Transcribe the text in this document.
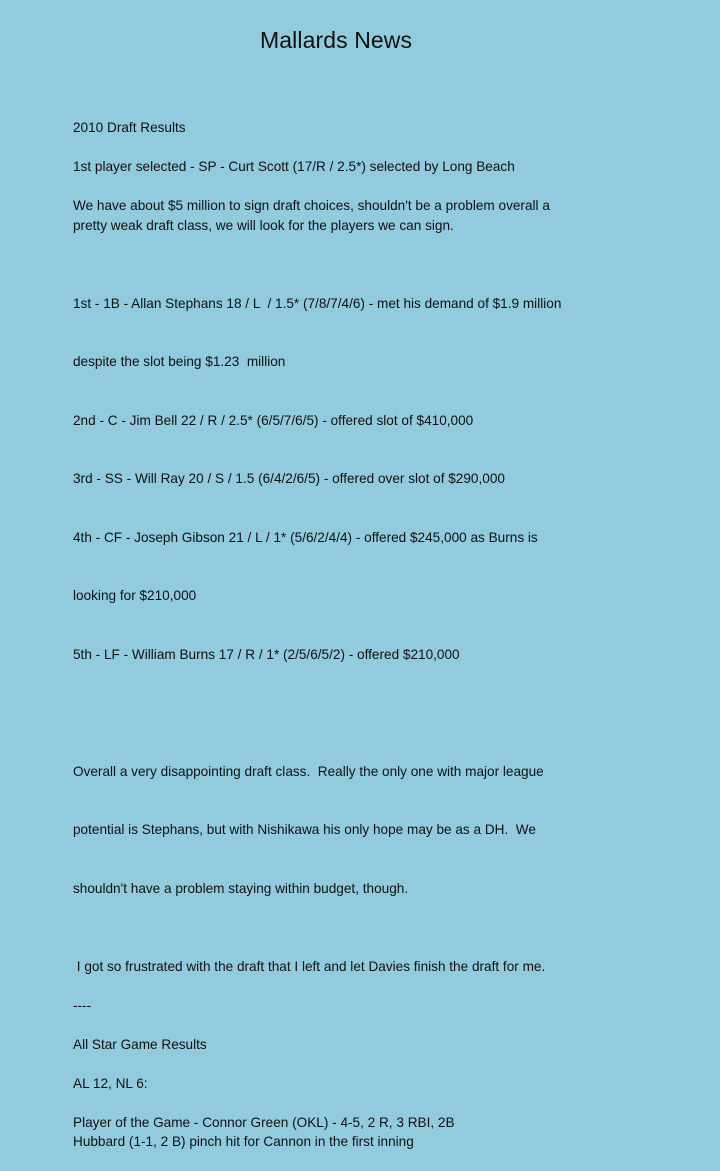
Mallards News
2010 Draft Results
1st player selected - SP - Curt Scott (17/R / 2.5*) selected by Long Beach
We have about $5 million to sign draft choices, shouldn't be a problem overall a
pretty weak draft class, we will look for the players we can sign.

1st - 1B - Allan Stephans 18 / L  / 1.5* (7/8/7/4/6) - met his demand of $1.9 million

despite the slot being $1.23  million

2nd - C - Jim Bell 22 / R / 2.5* (6/5/7/6/5) - offered slot of $410,000

3rd - SS - Will Ray 20 / S / 1.5 (6/4/2/6/5) - offered over slot of $290,000

4th - CF - Joseph Gibson 21 / L / 1* (5/6/2/4/4) - offered $245,000 as Burns is

looking for $210,000

5th - LF - William Burns 17 / R / 1* (2/5/6/5/2) - offered $210,000

Overall a very disappointing draft class.  Really the only one with major league

potential is Stephans, but with Nishikawa his only hope may be as a DH.  We

shouldn't have a problem staying within budget, though.

I got so frustrated with the draft that I left and let Davies finish the draft for me.
----
All Star Game Results
AL 12, NL 6:
Player of the Game - Connor Green (OKL) - 4-5, 2 R, 3 RBI, 2B
Hubbard (1-1, 2 B) pinch hit for Cannon in the first inning
